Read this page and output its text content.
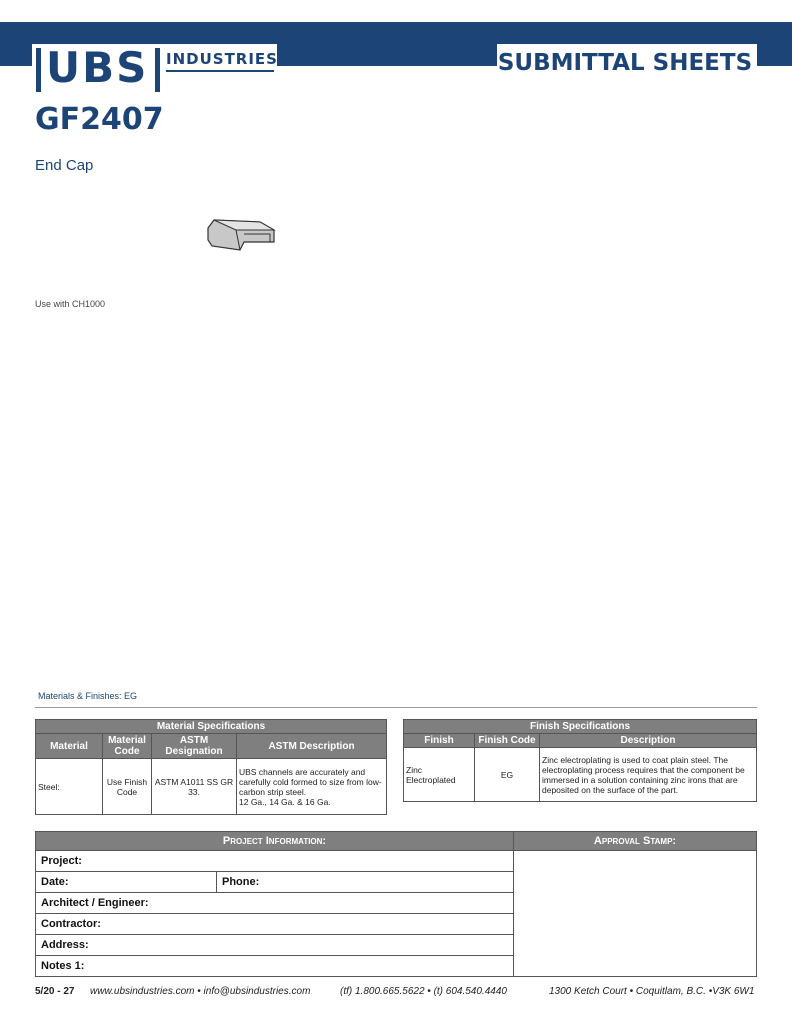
UBS INDUSTRIES	SUBMITTAL SHEETS
GF2407
End Cap
Use with CH1000
Materials & Finishes: EG
Material Specifications			
Material	Material Code	ASTM Designation	ASTM Description
Steel:	Use Finish Code	ASTM A1011 SS GR 33.	UBS channels are accurately and carefully cold formed to size from low-carbon strip steel.
12 Ga., 14 Ga. & 16 Ga.
Finish Specifications		
Finish	Finish Code	Description
Zinc Electroplated	EG	Zinc electroplating is used to coat plain steel. The electroplating process requires that the component be immersed in a solution containing zinc irons that are deposited on the surface of the part.
Project Information:		Approval Stamp:
Project:		
Date:	Phone:	
Architect / Engineer:		
Contractor:		
Address:		
Notes 1:		
5/20 - 27 www.ubsindustries.com • info@ubsindustries.com	(tf) 1.800.665.5622 • (t) 604.540.4440	1300 Ketch Court • Coquitlam, B.C. •V3K 6W1
